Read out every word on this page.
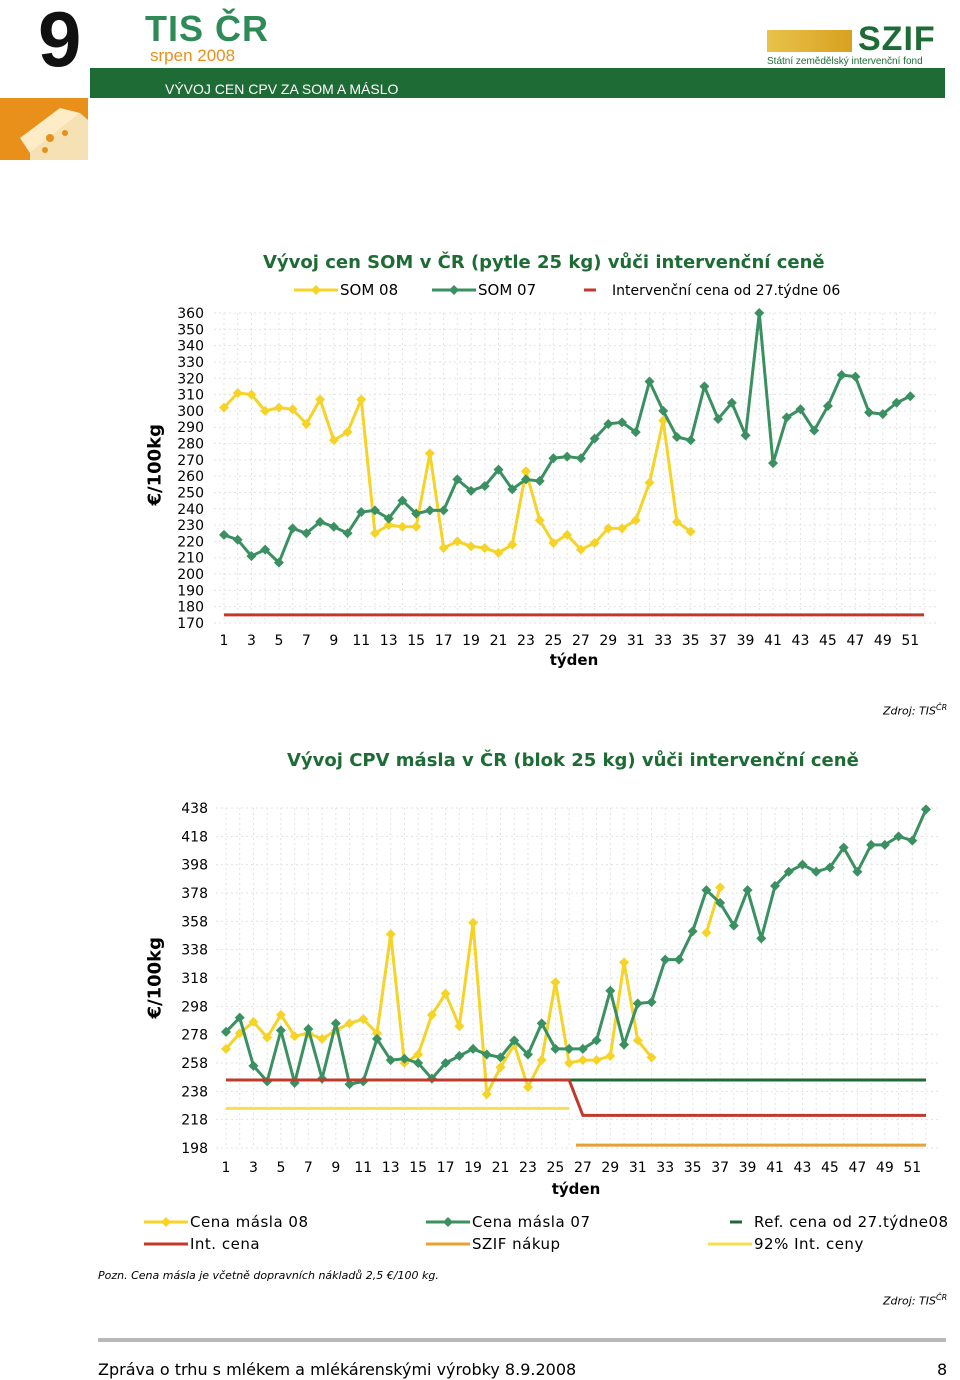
9 TIS ČR
srpen 2008
VÝVOJ CEN CPV ZA SOM A MÁSLO
SZIF
Státní zemědělský intervenční fond
Vývoj cen SOM v ČR (pytle 25 kg) vůči intervenční ceně
€/100kg
360
350
340
330
320
310
300
290
280
270
260
250
240
230
220
210
200
190
180
170
1 3 5 7 9 11 13 15 17 19 21 23 25 27 29 31 33 35 37 39 41 43 45 47 49 51
týden
SOM 08	SOM 07	Intervenční cena od 27.týdne 06
Zdroj: $TIS^{ČR}$
Vývoj CPV másla v ČR (blok 25 kg) vůči intervenční ceně
€/100kg
438
418
398
378
358
338
318
298
278
258
238
218
198
1 3 5 7 9 11 13 15 17 19 21 23 25 27 29 31 33 35 37 39 41 43 45 47 49 51
týden
Cena másla 08	Cena másla 07	Ref. cena od 27.týdne08
Int. cena	SZIF nákup	92% Int. ceny
Pozn. Cena másla je včetně dopravních nákladů 2,5 €/100 kg.
Zdroj: $TIS^{ČR}$
Zpráva o trhu s mlékem a mlékárenskými výrobky 8.9.2008	8
